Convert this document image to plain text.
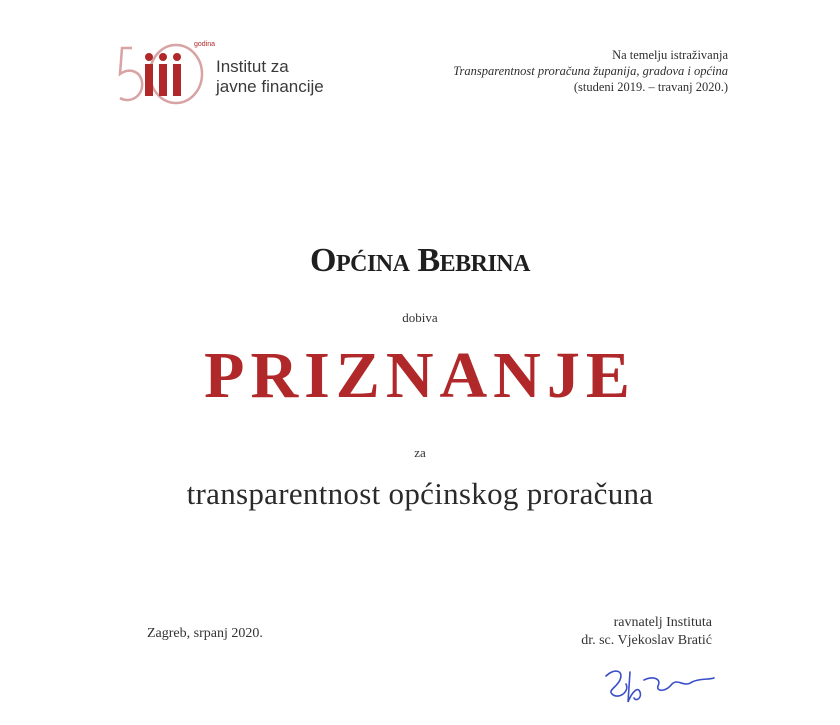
godina
Institut za
javne financije
Na temelju istraživanja
Transparentnost proračuna županija, gradova i općina
(studeni 2019. – travanj 2020.)
Općina Bebrina
dobiva
PRIZNANJE
za
transparentnost općinskog proračuna
Zagreb, srpanj 2020.
ravnatelj Instituta
dr. sc. Vjekoslav Bratić
